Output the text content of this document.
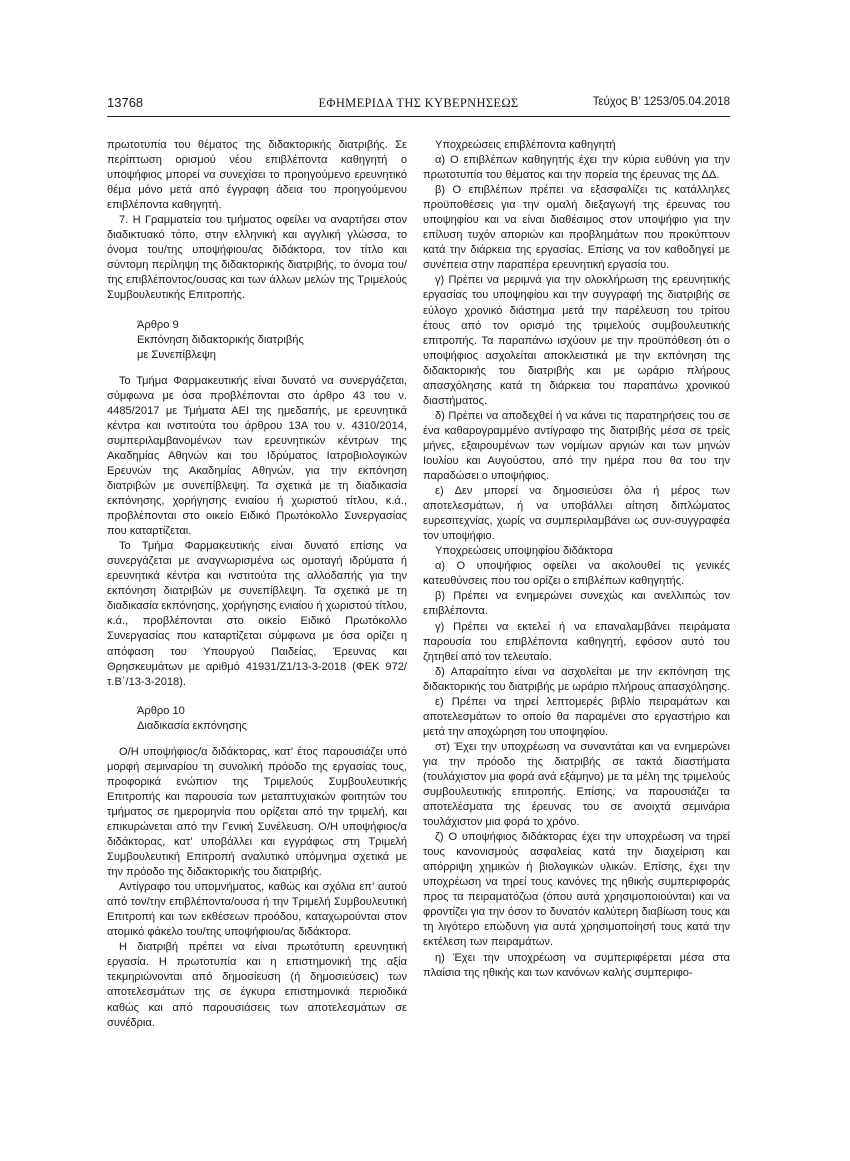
13768	ΕΦΗΜΕΡΙΔΑ ΤΗΣ ΚΥΒΕΡΝΗΣΕΩΣ	Τεύχος Β’ 1253/05.04.2018

πρωτοτυπία του θέματος της διδακτορικής διατριβής. Σε περίπτωση ορισμού νέου επιβλέποντα καθηγητή ο υποψήφιος μπορεί να συνεχίσει το προηγούμενο ερευνητικό θέμα μόνο μετά από έγγραφη άδεια του προηγούμενου επιβλέποντα καθηγητή.

7. Η Γραμματεία του τμήματος οφείλει να αναρτήσει στον διαδικτυακό τόπο, στην ελληνική και αγγλική γλώσσα, το όνομα του/της υποψήφιου/ας διδάκτορα, τον τίτλο και σύντομη περίληψη της διδακτορικής διατριβής, το όνομα του/της επιβλέποντος/ουσας και των άλλων μελών της Τριμελούς Συμβουλευτικής Επιτροπής.

Άρθρο 9

Εκπόνηση διδακτορικής διατριβής

με Συνεπίβλεψη

Το Τμήμα Φαρμακευτικής είναι δυνατό να συνεργάζεται, σύμφωνα με όσα προβλέπονται στο άρθρο 43 του ν. 4485/2017 με Τμήματα ΑΕΙ της ημεδαπής, με ερευνητικά κέντρα και ινστιτούτα του άρθρου 13Α του ν. 4310/2014, συμπεριλαμβανομένων των ερευνητικών κέντρων της Ακαδημίας Αθηνών και του Ιδρύματος Ιατροβιολογικών Ερευνών της Ακαδημίας Αθηνών, για την εκπόνηση διατριβών με συνεπίβλεψη. Τα σχετικά με τη διαδικασία εκπόνησης, χορήγησης ενιαίου ή χωριστού τίτλου, κ.ά., προβλέπονται στο οικείο Ειδικό Πρωτόκολλο Συνεργασίας που καταρτίζεται.

Το Τμήμα Φαρμακευτικής είναι δυνατό επίσης να συνεργάζεται με αναγνωρισμένα ως ομοταγή ιδρύματα ή ερευνητικά κέντρα και ινστιτούτα της αλλοδαπής για την εκπόνηση διατριβών με συνεπίβλεψη. Τα σχετικά με τη διαδικασία εκπόνησης, χορήγησης ενιαίου ή χωριστού τίτλου, κ.ά., προβλέπονται στο οικείο Ειδικό Πρωτόκολλο Συνεργασίας που καταρτίζεται σύμφωνα με όσα ορίζει η απόφαση του Υπουργού Παιδείας, Έρευνας και Θρησκευμάτων με αριθμό 41931/Ζ1/13-3-2018 (ΦΕΚ 972/τ.Β΄/13-3-2018).

Άρθρο 10

Διαδικασία εκπόνησης

Ο/Η υποψήφιος/α διδάκτορας, κατ’ έτος παρουσιάζει υπό μορφή σεμιναρίου τη συνολική πρόοδο της εργασίας τους, προφορικά ενώπιον της Τριμελούς Συμβουλευτικής Επιτροπής και παρουσία των μεταπτυχιακών φοιτητών του τμήματος σε ημερομηνία που ορίζεται από την τριμελή, και επικυρώνεται από την Γενική Συνέλευση. Ο/Η υποψήφιος/α διδάκτορας, κατ’ υποβάλλει και εγγράφως στη Τριμελή Συμβουλευτική Επιτροπή αναλυτικό υπόμνημα σχετικά με την πρόοδο της διδακτορικής του διατριβής.

Αντίγραφο του υπομνήματος, καθώς και σχόλια επ’ αυτού από τον/την επιβλέποντα/ουσα ή την Τριμελή Συμβουλευτική Επιτροπή και των εκθέσεων προόδου, καταχωρούνται στον ατομικό φάκελο του/της υποψήφιου/ας διδάκτορα.

Η διατριβή πρέπει να είναι πρωτότυπη ερευνητική εργασία. Η πρωτοτυπία και η επιστημονική της αξία τεκμηριώνονται από δημοσίευση (ή δημοσιεύσεις) των αποτελεσμάτων της σε έγκυρα επιστημονικά περιοδικά καθώς και από παρουσιάσεις των αποτελεσμάτων σε συνέδρια.

Υποχρεώσεις επιβλέποντα καθηγητή

α) Ο επιβλέπων καθηγητής έχει την κύρια ευθύνη για την πρωτοτυπία του θέματος και την πορεία της έρευνας της ΔΔ.

β) Ο επιβλέπων πρέπει να εξασφαλίζει τις κατάλληλες προϋποθέσεις για την ομαλή διεξαγωγή της έρευνας του υποψηφίου και να είναι διαθέσιμος στον υποψήφιο για την επίλυση τυχόν αποριών και προβλημάτων που προκύπτουν κατά την διάρκεια της εργασίας. Επίσης να τον καθοδηγεί με συνέπεια στην παραπέρα ερευνητική εργασία του.

γ) Πρέπει να μεριμνά για την ολοκλήρωση της ερευνητικής εργασίας του υποψηφίου και την συγγραφή της διατριβής σε εύλογο χρονικό διάστημα μετά την παρέλευση του τρίτου έτους από τον ορισμό της τριμελούς συμβουλευτικής επιτροπής. Τα παραπάνω ισχύουν με την προϋπόθεση ότι ο υποψήφιος ασχολείται αποκλειστικά με την εκπόνηση της διδακτορικής του διατριβής και με ωράριο πλήρους απασχόλησης κατά τη διάρκεια του παραπάνω χρονικού διαστήματος.

δ) Πρέπει να αποδεχθεί ή να κάνει τις παρατηρήσεις του σε ένα καθαρογραμμένο αντίγραφο της διατριβής μέσα σε τρείς μήνες, εξαιρουμένων των νομίμων αργιών και των μηνών Ιουλίου και Αυγούστου, από την ημέρα που θα του την παραδώσει ο υποψήφιος.

ε) Δεν μπορεί να δημοσιεύσει όλα ή μέρος των αποτελεσμάτων, ή να υποβάλλει αίτηση διπλώματος ευρεσιτεχνίας, χωρίς να συμπεριλαμβάνει ως συν-συγγραφέα τον υποψήφιο.

Υποχρεώσεις υποψηφίου διδάκτορα

α) Ο υποψήφιος οφείλει να ακολουθεί τις γενικές κατευθύνσεις που του ορίζει ο επιβλέπων καθηγητής.

β) Πρέπει να ενημερώνει συνεχώς και ανελλιπώς τον επιβλέποντα.

γ) Πρέπει να εκτελεί ή να επαναλαμβάνει πειράματα παρουσία του επιβλέποντα καθηγητή, εφόσον αυτό του ζητηθεί από τον τελευταίο.

δ) Απαραίτητο είναι να ασχολείται με την εκπόνηση της διδακτορικής του διατριβής με ωράριο πλήρους απασχόλησης.

ε) Πρέπει να τηρεί λεπτομερές βιβλίο πειραμάτων και αποτελεσμάτων το οποίο θα παραμένει στο εργαστήριο και μετά την αποχώρηση του υποψηφίου.

στ) Έχει την υποχρέωση να συναντάται και να ενημερώνει για την πρόοδο της διατριβής σε τακτά διαστήματα (τουλάχιστον μια φορά ανά εξάμηνο) με τα μέλη της τριμελούς συμβουλευτικής επιτροπής. Επίσης, να παρουσιάζει τα αποτελέσματα της έρευνας του σε ανοιχτά σεμινάρια τουλάχιστον μια φορά το χρόνο.

ζ) Ο υποψήφιος διδάκτορας έχει την υποχρέωση να τηρεί τους κανονισμούς ασφαλείας κατά την διαχείριση και απόρριψη χημικών ή βιολογικών υλικών. Επίσης, έχει την υποχρέωση να τηρεί τους κανόνες της ηθικής συμπεριφοράς προς τα πειραματόζωα (όπου αυτά χρησιμοποιούνται) και να φροντίζει για την όσον το δυνατόν καλύτερη διαβίωση τους και τη λιγότερο επώδυνη για αυτά χρησιμοποίησή τους κατά την εκτέλεση των πειραμάτων.

η) Έχει την υποχρέωση να συμπεριφέρεται μέσα στα πλαίσια της ηθικής και των κανόνων καλής συμπεριφο-
